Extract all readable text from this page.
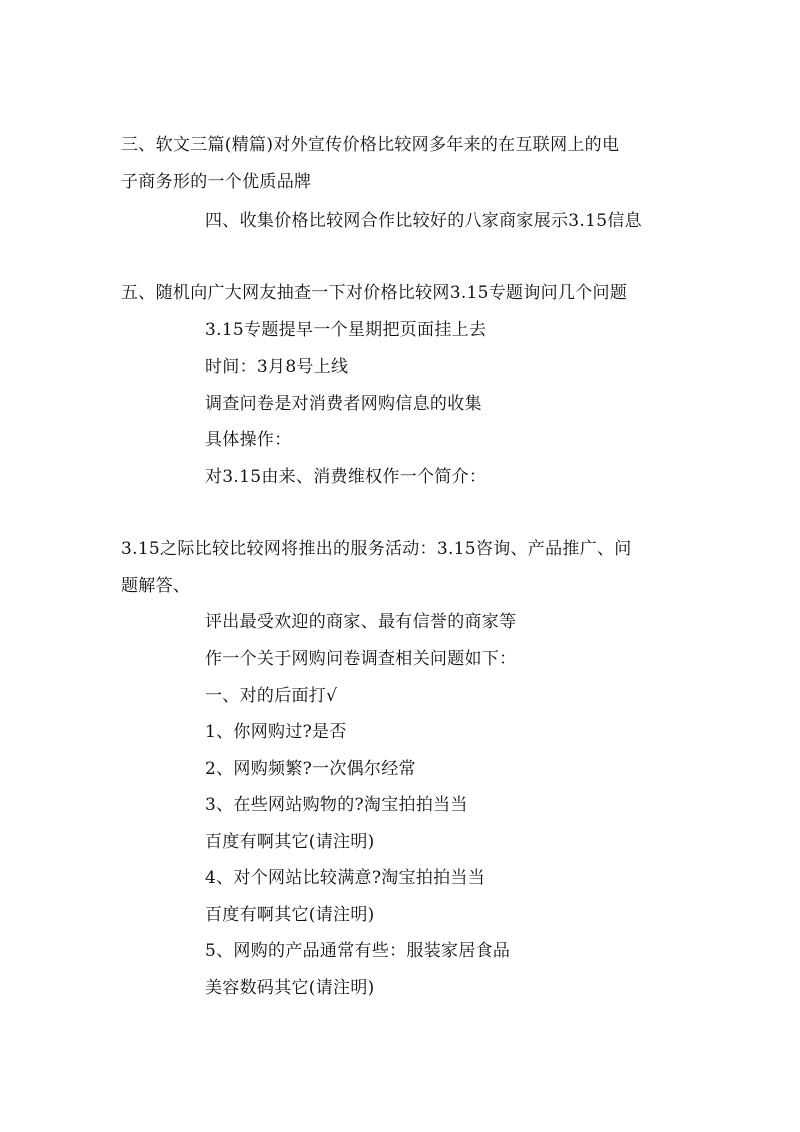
三、软文三篇(精篇)对外宣传价格比较网多年来的在互联网上的电
子商务形的一个优质品牌
四、收集价格比较网合作比较好的八家商家展示3.15信息
五、随机向广大网友抽查一下对价格比较网3.15专题询问几个问题
3.15专题提早一个星期把页面挂上去
时间：3月8号上线
调查问卷是对消费者网购信息的收集
具体操作：
对3.15由来、消费维权作一个简介：
3.15之际比较比较网将推出的服务活动：3.15咨询、产品推广、问
题解答、
评出最受欢迎的商家、最有信誉的商家等
作一个关于网购问卷调查相关问题如下：
一、对的后面打√
1、你网购过?是否
2、网购频繁?一次偶尔经常
3、在些网站购物的?淘宝拍拍当当
百度有啊其它(请注明)
4、对个网站比较满意?淘宝拍拍当当
百度有啊其它(请注明)
5、网购的产品通常有些：服装家居食品
美容数码其它(请注明)
